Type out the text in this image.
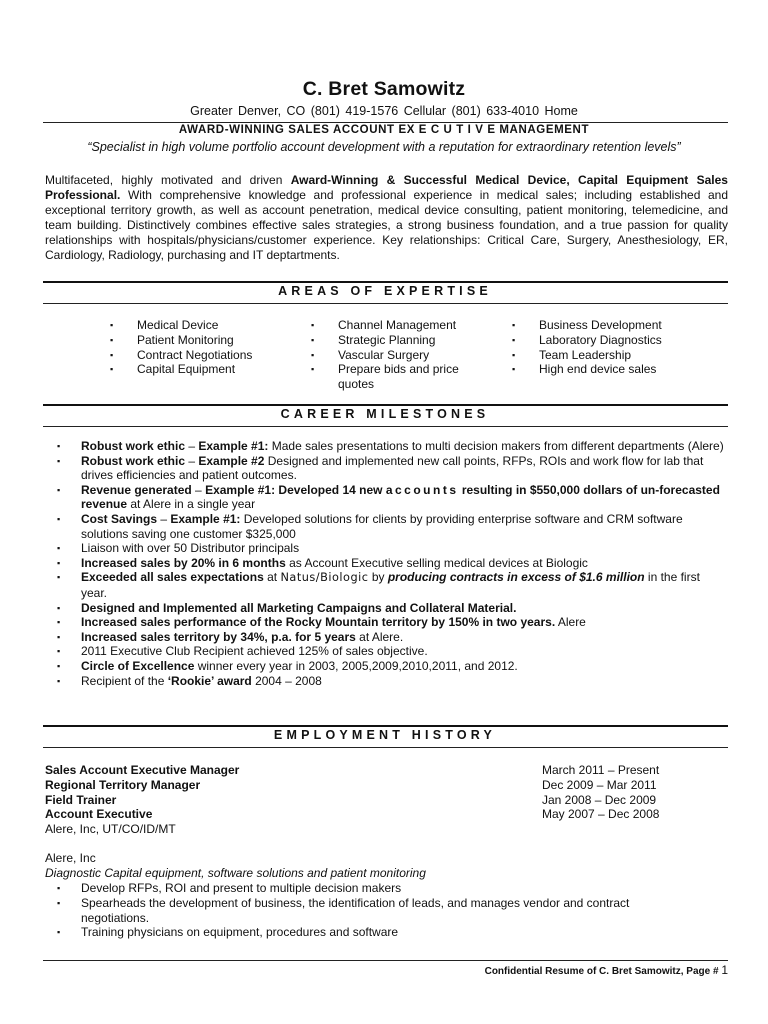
C. Bret Samowitz
Greater Denver, CO (801) 419-1576 Cellular (801) 633-4010 Home
AWARD-WINNING SALES ACCOUNT EX E C U T I V E MANAGEMENT
“Specialist in high volume portfolio account development with a reputation for extraordinary retention levels”
Multifaceted, highly motivated and driven Award-Winning & Successful Medical Device, Capital Equipment Sales Professional. With comprehensive knowledge and professional experience in medical sales; including established and exceptional territory growth, as well as account penetration, medical device consulting, patient monitoring, telemedicine, and team building. Distinctively combines effective sales strategies, a strong business foundation, and a true passion for quality relationships with hospitals/physicians/customer experience. Key relationships: Critical Care, Surgery, Anesthesiology, ER, Cardiology, Radiology, purchasing and IT deptartments.
AREAS OF EXPERTISE
▪ Medical Device
▪ Patient Monitoring
▪ Contract Negotiations
▪ Capital Equipment
▪ Channel Management
▪ Strategic Planning
▪ Vascular Surgery
▪ Prepare bids and price quotes
▪ Business Development
▪ Laboratory Diagnostics
▪ Team Leadership
▪ High end device sales
CAREER MILESTONES
▪ Robust work ethic – Example #1: Made sales presentations to multi decision makers from different departments (Alere)
▪ Robust work ethic – Example #2 Designed and implemented new call points, RFPs, ROIs and work flow for lab that drives efficiencies and patient outcomes.
▪ Revenue generated – Example #1: Developed 14 new accounts resulting in $550,000 dollars of un-forecasted revenue at Alere in a single year
▪ Cost Savings – Example #1: Developed solutions for clients by providing enterprise software and CRM software solutions saving one customer $325,000
▪ Liaison with over 50 Distributor principals
▪ Increased sales by 20% in 6 months as Account Executive selling medical devices at Biologic
▪ Exceeded all sales expectations at Natus/Biologic by producing contracts in excess of $1.6 million in the first year.
▪ Designed and Implemented all Marketing Campaigns and Collateral Material.
▪ Increased sales performance of the Rocky Mountain territory by 150% in two years. Alere
▪ Increased sales territory by 34%, p.a. for 5 years at Alere.
▪ 2011 Executive Club Recipient achieved 125% of sales objective.
▪ Circle of Excellence winner every year in 2003, 2005,2009,2010,2011, and 2012.
▪ Recipient of the ‘Rookie’ award 2004 – 2008
EMPLOYMENT HISTORY
Sales Account Executive Manager
Regional Territory Manager
Field Trainer
Account Executive
Alere, Inc, UT/CO/ID/MT
March 2011 – Present
Dec 2009 – Mar 2011
Jan 2008 – Dec 2009
May 2007 – Dec 2008
Alere, Inc
Diagnostic Capital equipment, software solutions and patient monitoring
▪ Develop RFPs, ROI and present to multiple decision makers
▪ Spearheads the development of business, the identification of leads, and manages vendor and contract negotiations.
▪ Training physicians on equipment, procedures and software
Confidential Resume of C. Bret Samowitz, Page # 1
